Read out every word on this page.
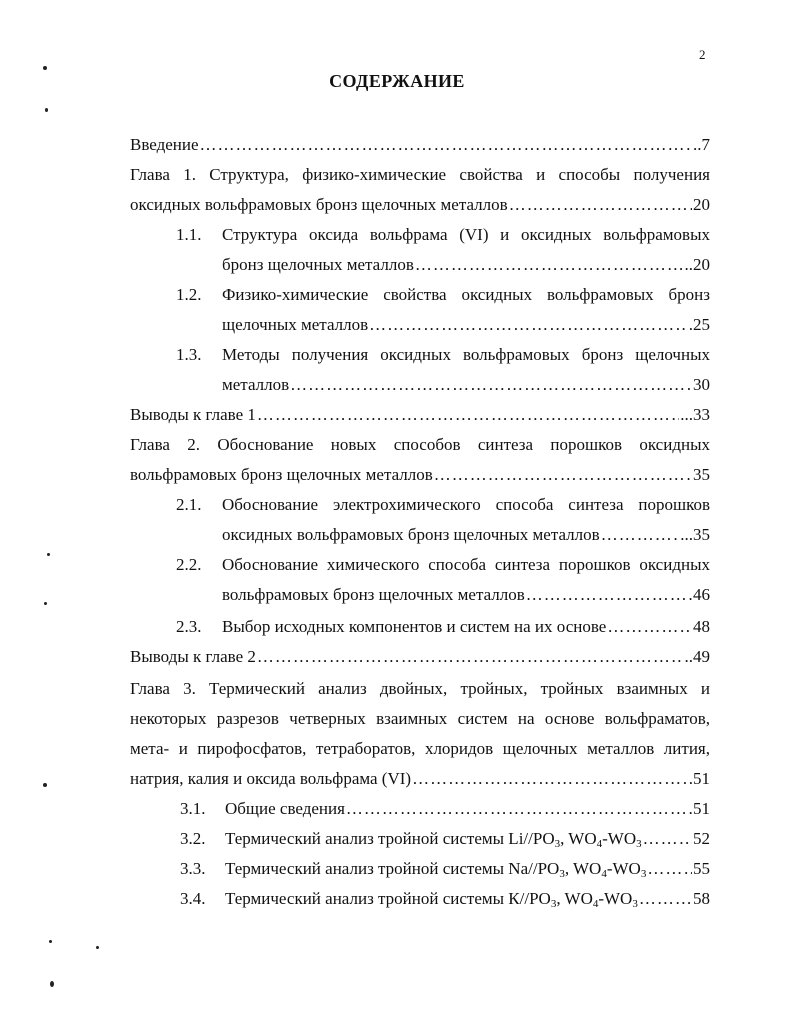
2
СОДЕРЖАНИЕ
Введение ……………………………………………………………………………………………………………………………………………………	..7
Глава 1. Структура, физико-химические свойства и способы получения
оксидных вольфрамовых бронз щелочных металлов ……………………………………………………………………………………………………………………………………………………	20
1.1. Структура оксида вольфрама (VI) и оксидных вольфрамовых
бронз щелочных металлов ……………………………………………………………………………………………………………………………………………………	..20
1.2. Физико-химические свойства оксидных вольфрамовых бронз
щелочных металлов ……………………………………………………………………………………………………………………………………………………	.25
1.3. Методы получения оксидных вольфрамовых бронз щелочных
металлов ……………………………………………………………………………………………………………………………………………………	30
Выводы к главе 1 ……………………………………………………………………………………………………………………………………………………	...33
Глава 2. Обоснование новых способов синтеза порошков оксидных
вольфрамовых бронз щелочных металлов ……………………………………………………………………………………………………………………………………………………	35
2.1. Обоснование электрохимического способа синтеза порошков
оксидных вольфрамовых бронз щелочных металлов ……………………………………………………………………………………………………………………………………………………	...35
2.2. Обоснование химического способа синтеза порошков оксидных
вольфрамовых бронз щелочных металлов ……………………………………………………………………………………………………………………………………………………	46
2.3. Выбор исходных компонентов и систем на их основе ……………………………………………………………………………………………………………………………………………………	48
Выводы к главе 2 ……………………………………………………………………………………………………………………………………………………	..49
Глава 3. Термический анализ двойных, тройных, тройных взаимных и
некоторых разрезов четверных взаимных систем на основе вольфраматов,
мета- и пирофосфатов, тетраборатов, хлоридов щелочных металлов лития,
натрия, калия и оксида вольфрама (VI) ……………………………………………………………………………………………………………………………………………………	.51
3.1. Общие сведения ……………………………………………………………………………………………………………………………………………………	51
3.2. Термический анализ тройной системы $Li//PO_3$, $WO_4-WO_3$ ……………………………………………………………………………………………………………………………………………………	52
3.3. Термический анализ тройной системы $Na//PO_3$, $WO_4-WO_3$ ……………………………………………………………………………………………………………………………………………………	55
3.4. Термический анализ тройной системы $К//PO_3$, $WO_4-WO_3$ ……………………………………………………………………………………………………………………………………………………	58
